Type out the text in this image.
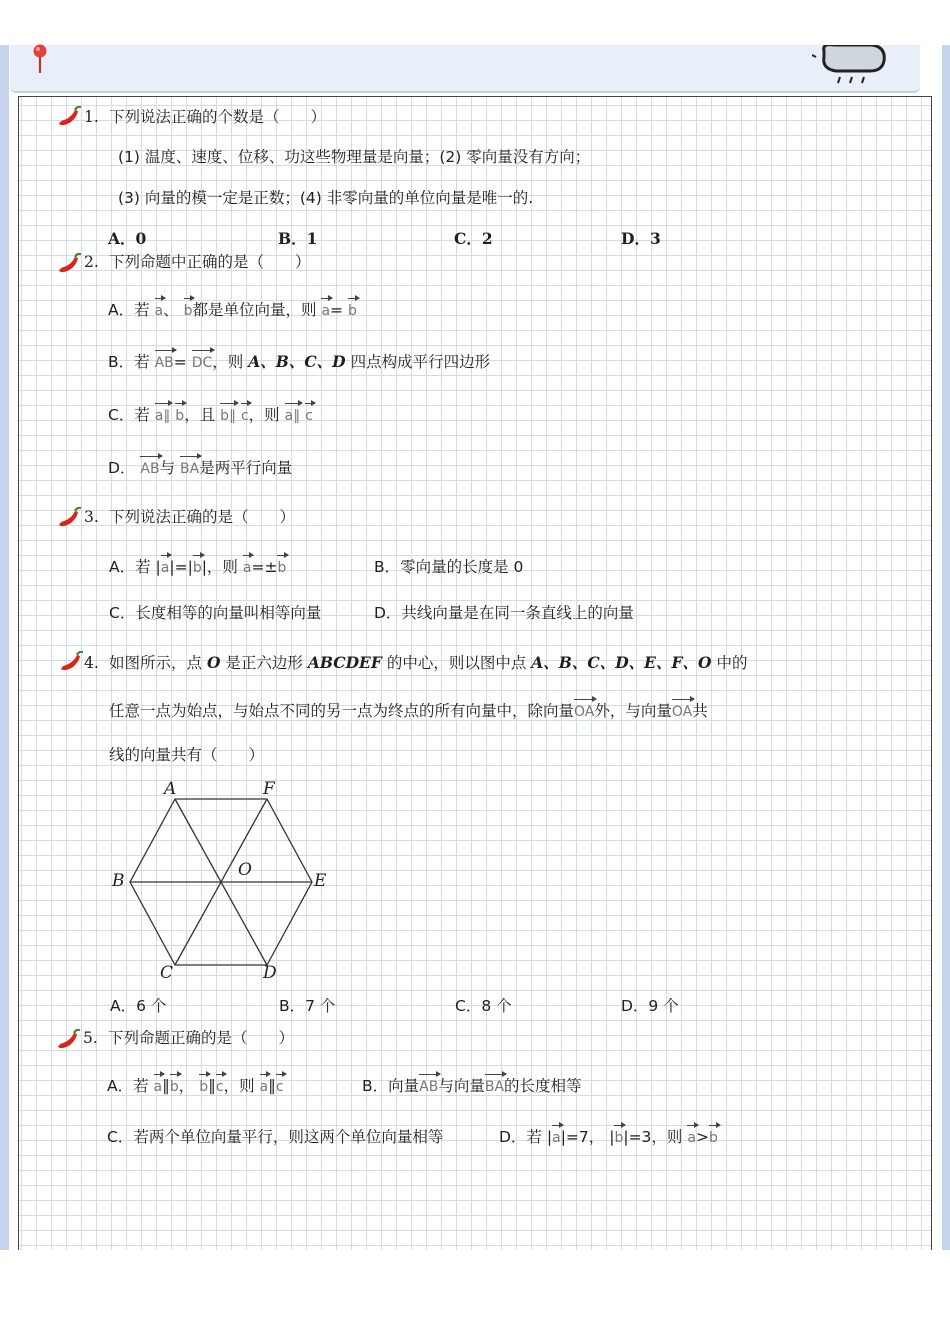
1. 下列说法正确的个数是（　　）
(1) 温度、速度、位移、功这些物理量是向量；(2) 零向量没有方向；
(3) 向量的模一定是正数；(4) 非零向量的单位向量是唯一的.
A．0	B．1	C．2	D．3
2. 下列命题中正确的是（　　）
A．若 a、 b都是单位向量，则 a= b
B．若 AB= DC，则 A、B、C、D 四点构成平行四边形
C．若 a∥ b，且 b∥ c，则 a∥ c
D． AB与 BA是两平行向量
3. 下列说法正确的是（　　）
A．若 |a|=|b|，则 a=±b	B．零向量的长度是 0
C．长度相等的向量叫相等向量	D．共线向量是在同一条直线上的向量
4. 如图所示，点 O 是正六边形 ABCDEF 的中心，则以图中点 A、B、C、D、E、F、O 中的
任意一点为始点，与始点不同的另一点为终点的所有向量中，除向量OA外，与向量OA共
线的向量共有（　　）
A	F
B
O
E
C	D
A．6 个	B．7 个	C．8 个	D．9 个
5. 下列命题正确的是（　　）
A．若 a∥b， b∥c，则 a∥c	B．向量AB与向量BA的长度相等
C．若两个单位向量平行，则这两个单位向量相等	D．若 |a|=7， |b|=3，则 a>b
